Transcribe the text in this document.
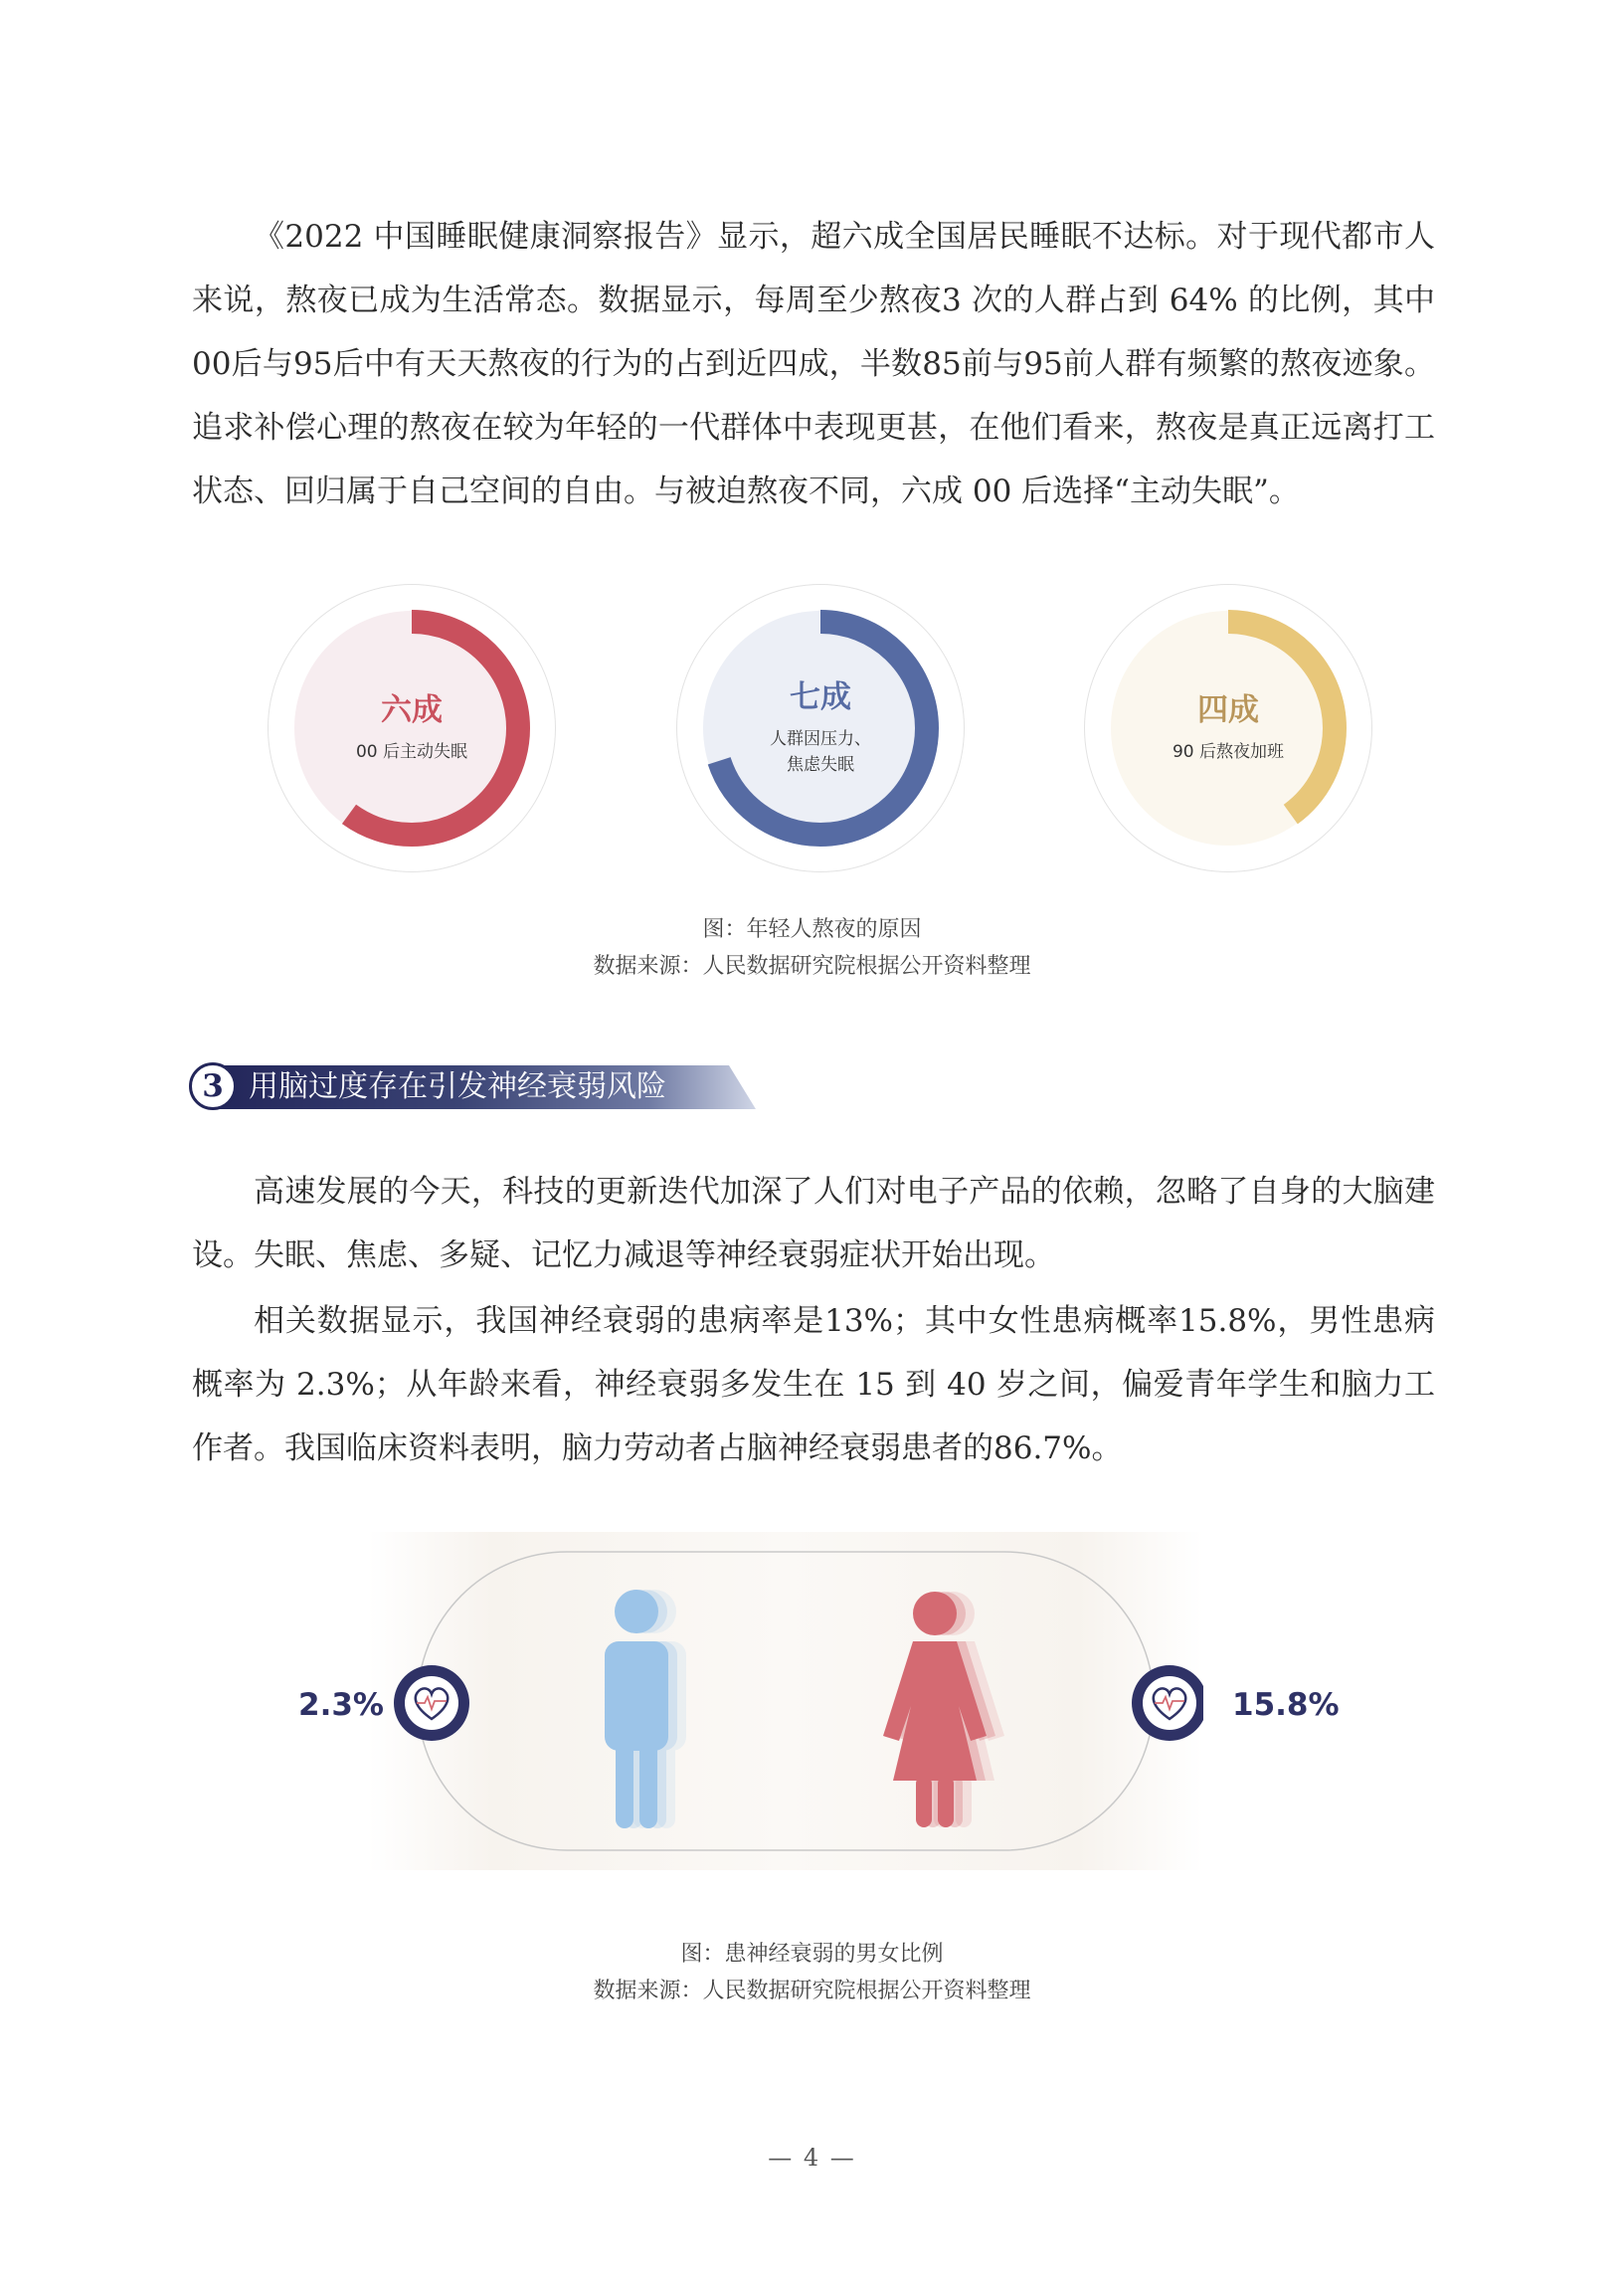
《2022 中国睡眠健康洞察报告》显示，超六成全国居民睡眠不达标。对于现代都市人来说，熬夜已成为生活常态。数据显示，每周至少熬夜3 次的人群占到 64% 的比例，其中00后与95后中有天天熬夜的行为的占到近四成，半数85前与95前人群有频繁的熬夜迹象。追求补偿心理的熬夜在较为年轻的一代群体中表现更甚，在他们看来，熬夜是真正远离打工状态、回归属于自己空间的自由。与被迫熬夜不同，六成 00 后选择“主动失眠”。

六成
00 后主动失眠
七成
人群因压力、
焦虑失眠
四成
90 后熬夜加班
图：年轻人熬夜的原因
数据来源：人民数据研究院根据公开资料整理
3 用脑过度存在引发神经衰弱风险

高速发展的今天，科技的更新迭代加深了人们对电子产品的依赖，忽略了自身的大脑建设。失眠、焦虑、多疑、记忆力减退等神经衰弱症状开始出现。

相关数据显示，我国神经衰弱的患病率是13%；其中女性患病概率15.8%，男性患病概率为 2.3%；从年龄来看，神经衰弱多发生在 15 到 40 岁之间，偏爱青年学生和脑力工作者。我国临床资料表明，脑力劳动者占脑神经衰弱患者的86.7%。

2.3%	15.8%
图：患神经衰弱的男女比例
数据来源：人民数据研究院根据公开资料整理
— 4 —
